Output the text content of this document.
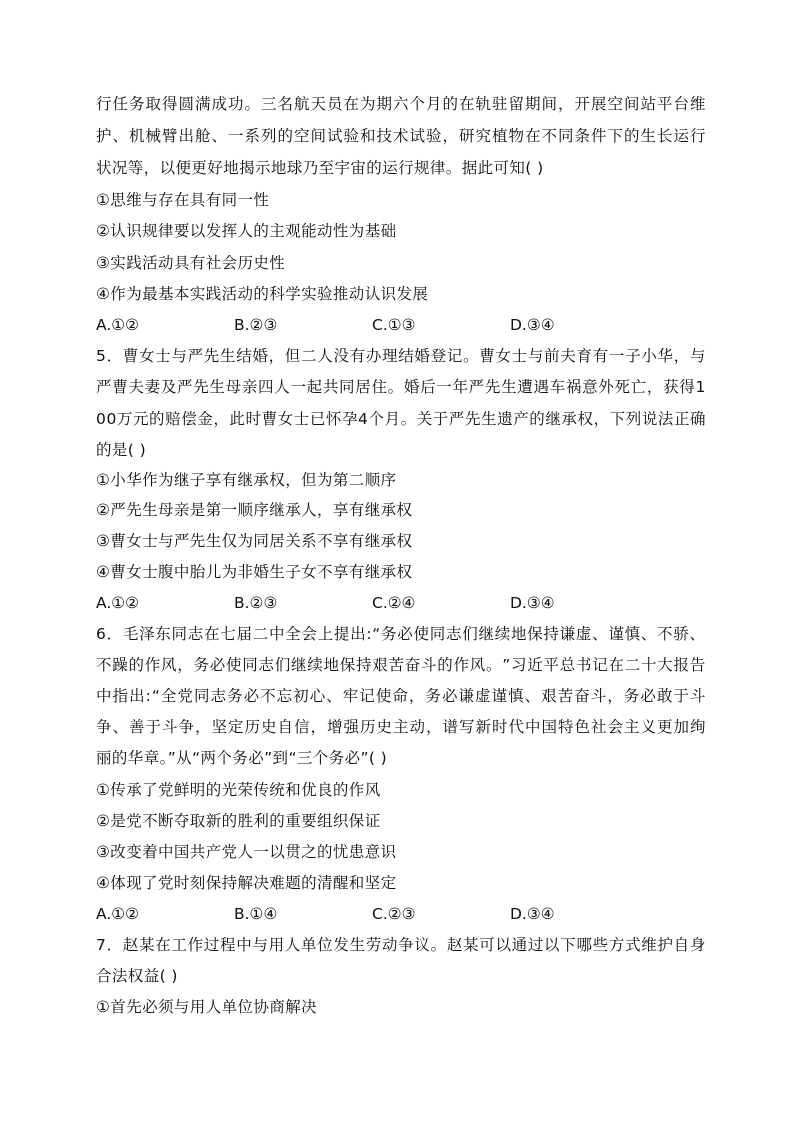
行 任 务 取 得 圆 满 成 功 。 三 名 航 天 员 在 为 期 六 个 月 的 在 轨 驻 留 期 间 ， 开 展 空 间 站 平 台 维
护 、 机 械 臂 出 舱 、 一 系 列 的 空 间 试 验 和 技 术 试 验 ， 研 究 植 物 在 不 同 条 件 下 的 生 长 运 行
状况等，以便更好地揭示地球乃至宇宙的运行规律。据此可知( )
①思维与存在具有同一性
②认识规律要以发挥人的主观能动性为基础
③实践活动具有社会历史性
④作为最基本实践活动的科学实验推动认识发展
A.①②	B.②③	C.①③	D.③④
5 ． 曹 女 士 与 严 先 生 结 婚 ， 但 二 人 没 有 办 理 结 婚 登 记 。 曹 女 士 与 前 夫 育 有 一 子 小 华 ， 与
严 曹 夫 妻 及 严 先 生 母 亲 四 人 一 起 共 同 居 住 。 婚 后 一 年 严 先 生 遭 遇 车 祸 意 外 死 亡 ， 获 得 1
0 0 万 元 的 赔 偿 金 ， 此 时 曹 女 士 已 怀 孕 4 个 月 。 关 于 严 先 生 遗 产 的 继 承 权 ， 下 列 说 法 正 确
的是( )
①小华作为继子享有继承权，但为第二顺序
②严先生母亲是第一顺序继承人，享有继承权
③曹女士与严先生仅为同居关系不享有继承权
④曹女士腹中胎儿为非婚生子女不享有继承权
A.①②	B.②③	C.②④	D.③④
6 ． 毛 泽 东 同 志 在 七 届 二 中 全 会 上 提 出 : “ 务 必 使 同 志 们 继 续 地 保 持 谦 虚 、 谨 慎 、 不 骄 、
不 躁 的 作 风 ， 务 必 使 同 志 们 继 续 地 保 持 艰 苦 奋 斗 的 作 风 。 ” 习 近 平 总 书 记 在 二 十 大 报 告
中 指 出 : “ 全 党 同 志 务 必 不 忘 初 心 、 牢 记 使 命 ， 务 必 谦 虚 谨 慎 、 艰 苦 奋 斗 ， 务 必 敢 于 斗
争 、 善 于 斗 争 ， 坚 定 历 史 自 信 ， 增 强 历 史 主 动 ， 谱 写 新 时 代 中 国 特 色 社 会 主 义 更 加 绚
丽的华章。”从“两个务必”到“三个务必”( )
①传承了党鲜明的光荣传统和优良的作风
②是党不断夺取新的胜利的重要组织保证
③改变着中国共产党人一以贯之的忧患意识
④体现了党时刻保持解决难题的清醒和坚定
A.①②	B.①④	C.②③	D.③④
7 ． 赵 某 在 工 作 过 程 中 与 用 人 单 位 发 生 劳 动 争 议 。 赵 某 可 以 通 过 以 下 哪 些 方 式 维 护 自 身
合法权益( )
①首先必须与用人单位协商解决
